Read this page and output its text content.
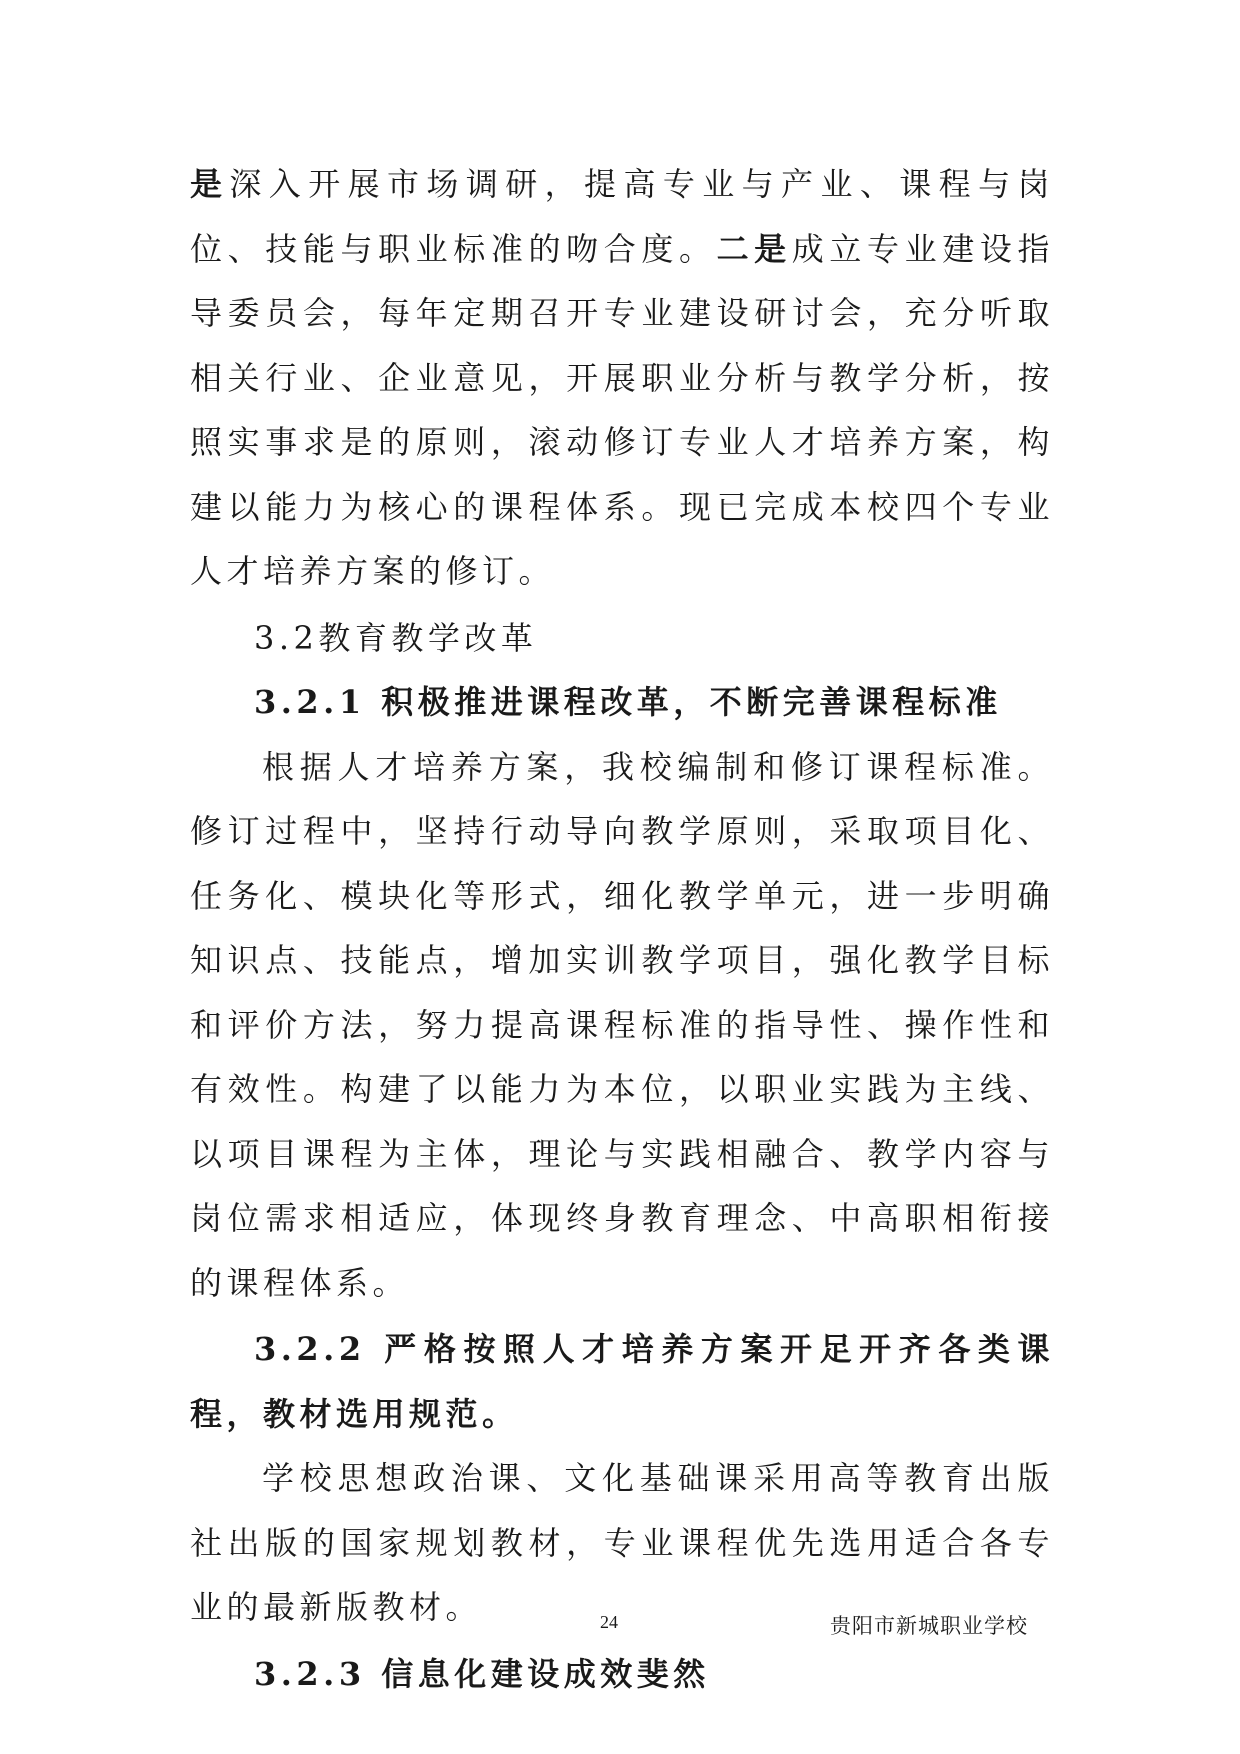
是深入开展市场调研，提高专业与产业、课程与岗位、技能与职业标准的吻合度。二是成立专业建设指导委员会，每年定期召开专业建设研讨会，充分听取相关行业、企业意见，开展职业分析与教学分析，按照实事求是的原则，滚动修订专业人才培养方案，构建以能力为核心的课程体系。现已完成本校四个专业人才培养方案的修订。

3.2教育教学改革

3.2.1 积极推进课程改革，不断完善课程标准

根据人才培养方案，我校编制和修订课程标准。修订过程中，坚持行动导向教学原则，采取项目化、任务化、模块化等形式，细化教学单元，进一步明确知识点、技能点，增加实训教学项目，强化教学目标和评价方法，努力提高课程标准的指导性、操作性和有效性。构建了以能力为本位，以职业实践为主线、以项目课程为主体，理论与实践相融合、教学内容与岗位需求相适应，体现终身教育理念、中高职相衔接的课程体系。

3.2.2 严格按照人才培养方案开足开齐各类课程，教材选用规范。

学校思想政治课、文化基础课采用高等教育出版社出版的国家规划教材，专业课程优先选用适合各专业的最新版教材。

3.2.3 信息化建设成效斐然

24	贵阳市新城职业学校
